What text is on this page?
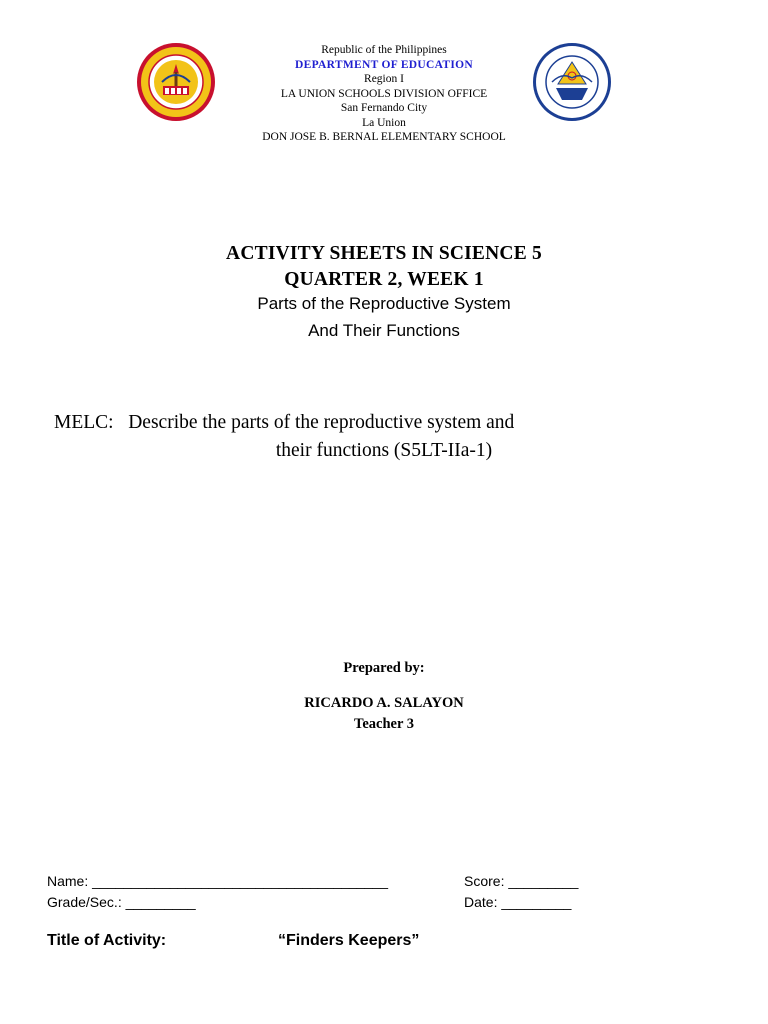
Republic of the Philippines
DEPARTMENT OF EDUCATION
Region I
LA UNION SCHOOLS DIVISION OFFICE
San Fernando City
La Union
DON JOSE B. BERNAL ELEMENTARY SCHOOL
ACTIVITY SHEETS IN SCIENCE 5
QUARTER 2, WEEK 1
Parts of the Reproductive System
And Their Functions
MELC: Describe the parts of the reproductive system and
their functions (S5LT-IIa-1)
Prepared by:
RICARDO A. SALAYON
Teacher 3
Name: ______________________________________	Score: _________
Grade/Sec.: _________	Date: _________
Title of Activity:	“Finders Keepers”
